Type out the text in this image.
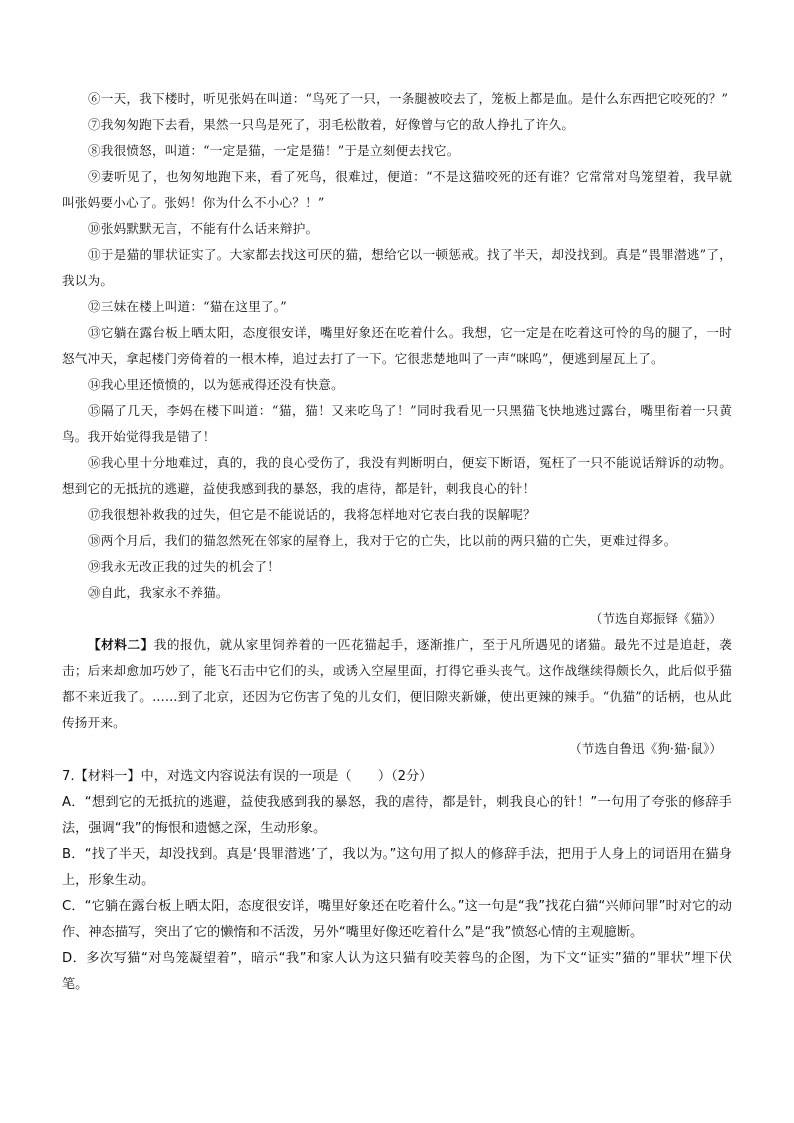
⑥一天，我下楼时，听见张妈在叫道：“鸟死了一只，一条腿被咬去了，笼板上都是血。是什么东西把它咬死的？”

⑦我匆匆跑下去看，果然一只鸟是死了，羽毛松散着，好像曾与它的敌人挣扎了许久。

⑧我很愤怒，叫道：“一定是猫，一定是猫！”于是立刻便去找它。

⑨妻听见了，也匆匆地跑下来，看了死鸟，很难过，便道：“不是这猫咬死的还有谁？它常常对鸟笼望着，我早就叫张妈要小心了。张妈！你为什么不小心？！”

⑩张妈默默无言，不能有什么话来辩护。

⑪于是猫的罪状证实了。大家都去找这可厌的猫，想给它以一顿惩戒。找了半天，却没找到。真是“畏罪潜逃”了，我以为。

⑫三妹在楼上叫道：“猫在这里了。”

⑬它躺在露台板上晒太阳，态度很安详，嘴里好象还在吃着什么。我想，它一定是在吃着这可怜的鸟的腿了，一时怒气冲天，拿起楼门旁倚着的一根木棒，追过去打了一下。它很悲楚地叫了一声“咪呜”，便逃到屋瓦上了。

⑭我心里还愤愤的，以为惩戒得还没有快意。

⑮隔了几天，李妈在楼下叫道：“猫，猫！又来吃鸟了！”同时我看见一只黑猫飞快地逃过露台，嘴里衔着一只黄鸟。我开始觉得我是错了！

⑯我心里十分地难过，真的，我的良心受伤了，我没有判断明白，便妄下断语，冤枉了一只不能说话辩诉的动物。想到它的无抵抗的逃避，益使我感到我的暴怒，我的虐待，都是针，刺我良心的针！

⑰我很想补救我的过失，但它是不能说话的，我将怎样地对它表白我的误解呢？

⑱两个月后，我们的猫忽然死在邻家的屋脊上，我对于它的亡失，比以前的两只猫的亡失，更难过得多。

⑲我永无改正我的过失的机会了！

⑳自此，我家永不养猫。

（节选自郑振铎《猫》）

【材料二】我的报仇，就从家里饲养着的一匹花猫起手，逐渐推广，至于凡所遇见的诸猫。最先不过是追赶，袭击；后来却愈加巧妙了，能飞石击中它们的头，或诱入空屋里面，打得它垂头丧气。这作战继续得颇长久，此后似乎猫都不来近我了。……到了北京，还因为它伤害了兔的儿女们，便旧隙夹新嫌，使出更辣的辣手。“仇猫”的话柄，也从此传扬开来。

（节选自鲁迅《狗·猫·鼠》）

7.【材料一】中，对选文内容说法有误的一项是（　　）（2分）

A．“想到它的无抵抗的逃避，益使我感到我的暴怒，我的虐待，都是针，刺我良心的针！”一句用了夸张的修辞手法，强调“我”的悔恨和遗憾之深，生动形象。

B．“找了半天，却没找到。真是‘畏罪潜逃’了，我以为。”这句用了拟人的修辞手法，把用于人身上的词语用在猫身上，形象生动。

C．“它躺在露台板上晒太阳，态度很安详，嘴里好象还在吃着什么。”这一句是“我”找花白猫“兴师问罪”时对它的动作、神态描写，突出了它的懒惰和不活泼，另外“嘴里好像还吃着什么”是“我”愤怒心情的主观臆断。

D．多次写猫“对鸟笼凝望着”，暗示“我”和家人认为这只猫有咬芙蓉鸟的企图，为下文“证实”猫的“罪状”埋下伏笔。
